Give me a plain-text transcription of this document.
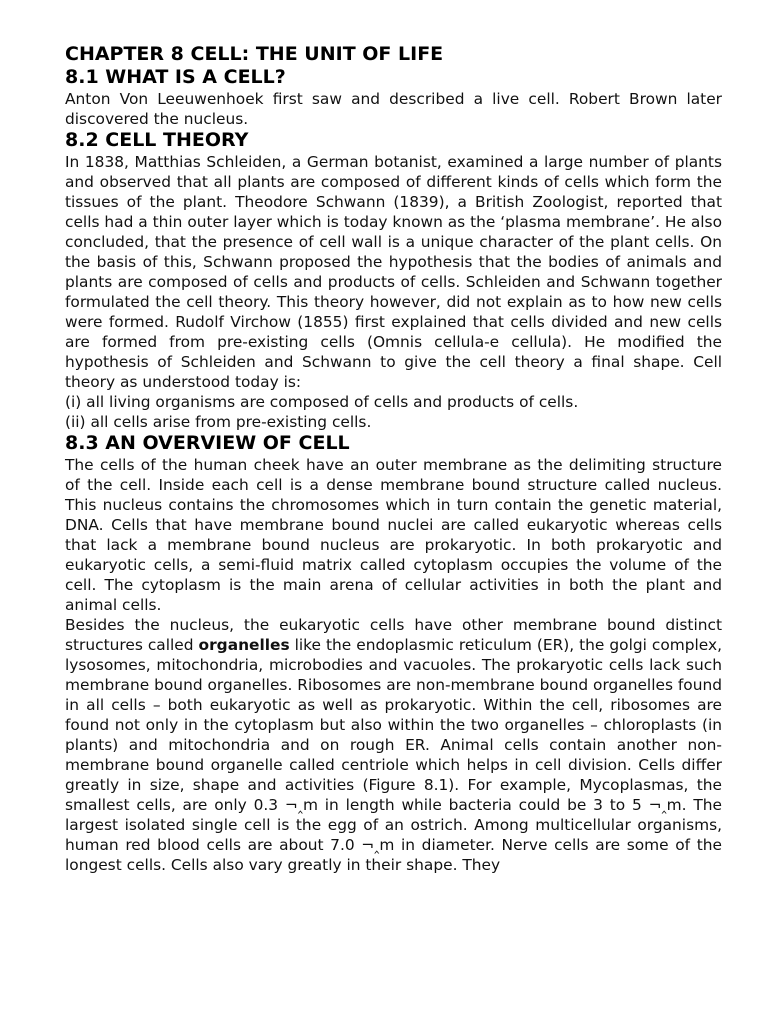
CHAPTER 8 CELL: THE UNIT OF LIFE
8.1 WHAT IS A CELL?

Anton Von Leeuwenhoek first saw and described a live cell. Robert Brown later discovered the nucleus.

8.2 CELL THEORY

In 1838, Matthias Schleiden, a German botanist, examined a large number of plants and observed that all plants are composed of different kinds of cells which form the tissues of the plant. Theodore Schwann (1839), a British Zoologist, reported that cells had a thin outer layer which is today known as the ‘plasma membrane’. He also concluded, that the presence of cell wall is a unique character of the plant cells. On the basis of this, Schwann proposed the hypothesis that the bodies of animals and plants are composed of cells and products of cells. Schleiden and Schwann together formulated the cell theory. This theory however, did not explain as to how new cells were formed. Rudolf Virchow (1855) first explained that cells divided and new cells are formed from pre-existing cells (Omnis cellula-e cellula). He modified the hypothesis of Schleiden and Schwann to give the cell theory a final shape. Cell theory as understood today is:

(i) all living organisms are composed of cells and products of cells.

(ii) all cells arise from pre-existing cells.

8.3 AN OVERVIEW OF CELL

The cells of the human cheek have an outer membrane as the delimiting structure of the cell. Inside each cell is a dense membrane bound structure called nucleus. This nucleus contains the chromosomes which in turn contain the genetic material, DNA. Cells that have membrane bound nuclei are called eukaryotic whereas cells that lack a membrane bound nucleus are prokaryotic. In both prokaryotic and eukaryotic cells, a semi-fluid matrix called cytoplasm occupies the volume of the cell. The cytoplasm is the main arena of cellular activities in both the plant and animal cells.

Besides the nucleus, the eukaryotic cells have other membrane bound distinct structures called organelles like the endoplasmic reticulum (ER), the golgi complex, lysosomes, mitochondria, microbodies and vacuoles. The prokaryotic cells lack such membrane bound organelles. Ribosomes are non-membrane bound organelles found in all cells – both eukaryotic as well as prokaryotic. Within the cell, ribosomes are found not only in the cytoplasm but also within the two organelles – chloroplasts (in plants) and mitochondria and on rough ER. Animal cells contain another non-membrane bound organelle called centriole which helps in cell division. Cells differ greatly in size, shape and activities (Figure 8.1). For example, Mycoplasmas, the smallest cells, are only 0.3 ¬‸m in length while bacteria could be 3 to 5 ¬‸m. The largest isolated single cell is the egg of an ostrich. Among multicellular organisms, human red blood cells are about 7.0 ¬‸m in diameter. Nerve cells are some of the longest cells. Cells also vary greatly in their shape. They
